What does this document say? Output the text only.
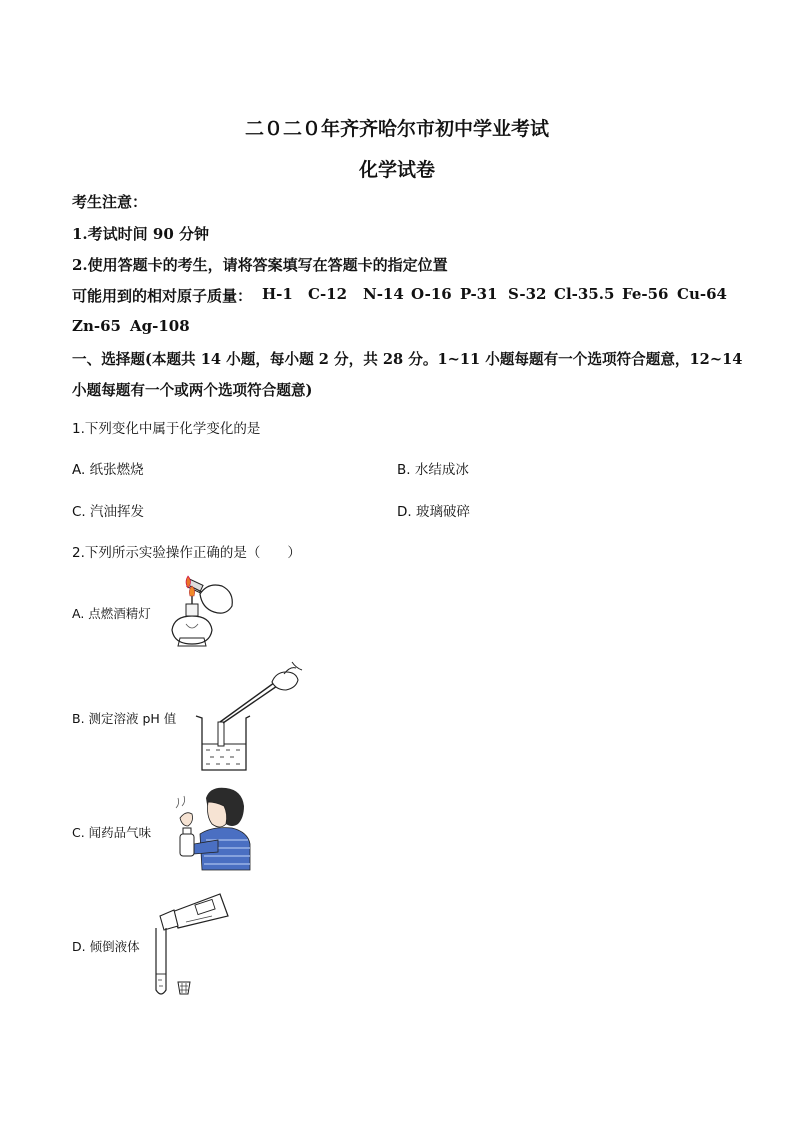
二０二０年齐齐哈尔市初中学业考试
化学试卷
考生注意：
1.考试时间 90 分钟
2.使用答题卡的考生，请将答案填写在答题卡的指定位置
可能用到的相对原子质量： H-1 C-12 N-14 O-16 P-31 S-32 Cl-35.5 Fe-56 Cu-64
Zn-65 Ag-108
一、选择题(本题共 14 小题，每小题 2 分，共 28 分。1~11 小题每题有一个选项符合题意，12~14
小题每题有一个或两个选项符合题意)
1.下列变化中属于化学变化的是
A. 纸张燃烧	B. 水结成冰
C. 汽油挥发	D. 玻璃破碎
2.下列所示实验操作正确的是（　　）
A. 点燃酒精灯
B. 测定溶液 pH 值
C. 闻药品气味
D. 倾倒液体
